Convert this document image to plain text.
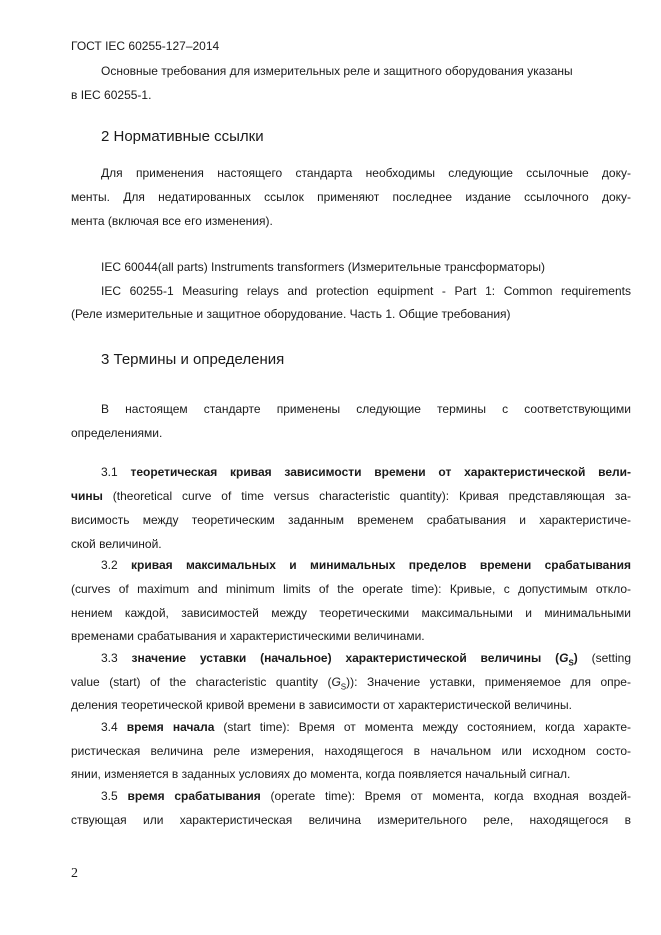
ГОСТ IEC 60255-127–2014
Основные требования для измерительных реле и защитного оборудования указаны
в IEC 60255-1.
2 Нормативные ссылки
Для применения настоящего стандарта необходимы следующие ссылочные доку-
менты. Для недатированных ссылок применяют последнее издание ссылочного доку-
мента (включая все его изменения).
IEC 60044(all parts) Instruments transformers (Измерительные трансформаторы)
IEC 60255-1 Measuring relays and protection equipment - Part 1: Common requirements
(Реле измерительные и защитное оборудование. Часть 1. Общие требования)
3 Термины и определения
В настоящем стандарте применены следующие термины с соответствующими
определениями.
3.1 теоретическая кривая зависимости времени от характеристической вели-
чины (theoretical curve of time versus characteristic quantity): Кривая представляющая за-
висимость между теоретическим заданным временем срабатывания и характеристиче-
ской величиной.
3.2 кривая максимальных и минимальных пределов времени срабатывания
(curves of maximum and minimum limits of the operate time): Кривые, с допустимым откло-
нением каждой, зависимостей между теоретическими максимальными и минимальными
временами срабатывания и характеристическими величинами.
3.3 значение уставки (начальное) характеристической величины $(G_S)$ (setting
value (start) of the characteristic quantity $(G_S)$): Значение уставки, применяемое для опре-
деления теоретической кривой времени в зависимости от характеристической величины.
3.4 время начала (start time): Время от момента между состоянием, когда характе-
ристическая величина реле измерения, находящегося в начальном или исходном состо-
янии, изменяется в заданных условиях до момента, когда появляется начальный сигнал.
3.5 время срабатывания (operate time): Время от момента, когда входная воздей-
ствующая или характеристическая величина измерительного реле, находящегося в
2
